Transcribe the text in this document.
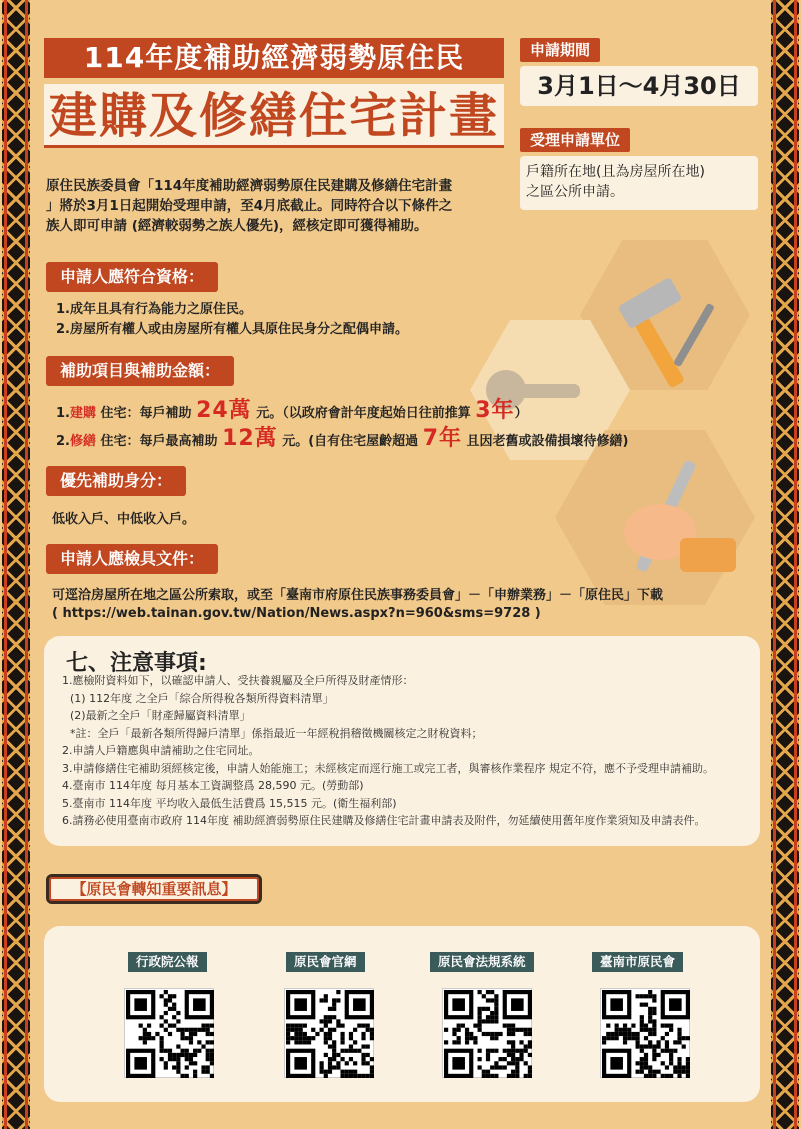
114年度補助經濟弱勢原住民
建購及修繕住宅計畫
申請期間
3月1日～4月30日
受理申請單位
戶籍所在地(且為房屋所在地)
之區公所申請。
原住民族委員會「114年度補助經濟弱勢原住民建購及修繕住宅計畫
」將於3月1日起開始受理申請，至4月底截止。同時符合以下條件之
族人即可申請 (經濟較弱勢之族人優先)，經核定即可獲得補助。
申請人應符合資格：
1.成年且具有行為能力之原住民。
2.房屋所有權人或由房屋所有權人具原住民身分之配偶申請。
補助項目與補助金額：
1.建購 住宅：每戶補助 24萬 元。（以政府會計年度起始日往前推算 3年）
2.修繕 住宅：每戶最高補助 12萬 元。(自有住宅屋齡超過 7年 且因老舊或設備損壞待修繕)
優先補助身分：
低收入戶、中低收入戶。
申請人應檢具文件：
可逕洽房屋所在地之區公所索取，或至「臺南市府原住民族事務委員會」－「申辦業務」－「原住民」下載
( https://web.tainan.gov.tw/Nation/News.aspx?n=960&sms=9728 )
七、注意事項:
1.應檢附資料如下，以確認申請人、受扶養親屬及全戶所得及財產情形：
(1) 112年度 之全戶「綜合所得稅各類所得資料清單」
(2)最新之全戶「財產歸屬資料清單」
*註：全戶「最新各類所得歸戶清單」係指最近一年經稅捐稽徵機關核定之財稅資料；
2.申請人戶籍應與申請補助之住宅同址。
3.申請修繕住宅補助須經核定後，申請人始能施工；未經核定而逕行施工或完工者，與審核作業程序 規定不符，應不予受理申請補助。
4.臺南市 114年度 每月基本工資調整爲 28,590 元。(勞動部)
5.臺南市 114年度 平均收入最低生活費爲 15,515 元。(衛生福利部)
6.請務必使用臺南市政府 114年度 補助經濟弱勢原住民建購及修繕住宅計畫申請表及附件，勿延續使用舊年度作業須知及申請表件。
【原民會轉知重要訊息】
行政院公報	原民會官網	原民會法規系統	臺南市原民會
